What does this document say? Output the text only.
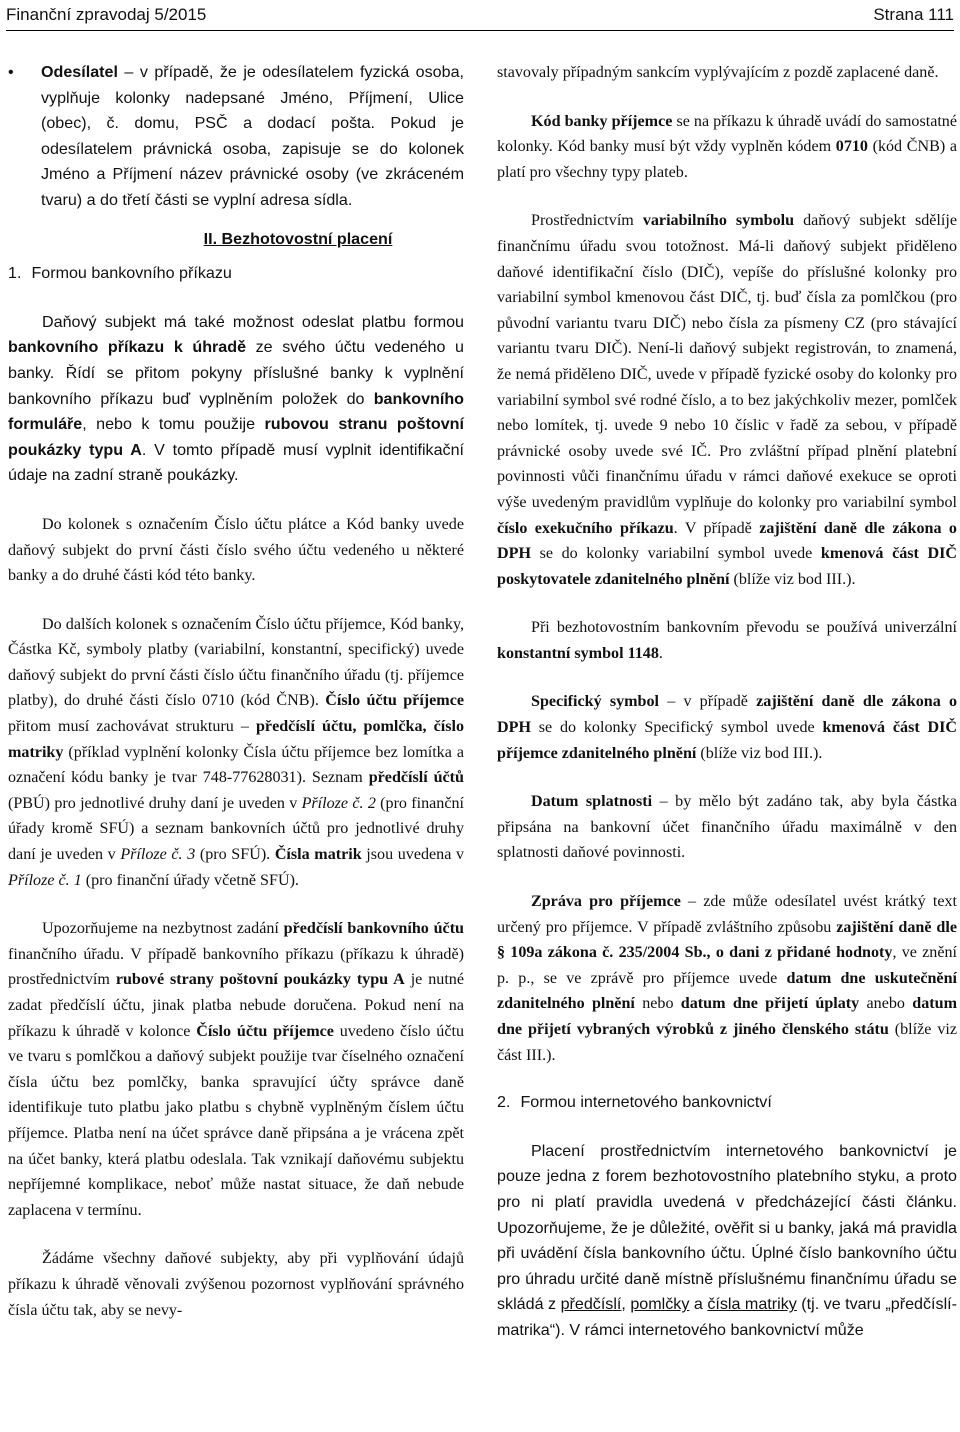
Finanční zpravodaj 5/2015	Strana 111
• Odesílatel – v případě, že je odesílatelem fyzická osoba, vyplňuje kolonky nadepsané Jméno, Příjmení, Ulice (obec), č. domu, PSČ a dodací pošta. Pokud je odesílatelem právnická osoba, zapisuje se do kolonek Jméno a Příjmení název právnické osoby (ve zkráceném tvaru) a do třetí části se vyplní adresa sídla.
II. Bezhotovostní placení
1. Formou bankovního příkazu

Daňový subjekt má také možnost odeslat platbu formou bankovního příkazu k úhradě ze svého účtu vedeného u banky. Řídí se přitom pokyny příslušné banky k vyplnění bankovního příkazu buď vyplněním položek do bankovního formuláře, nebo k tomu použije rubovou stranu poštovní poukázky typu A. V tomto případě musí vyplnit identifikační údaje na zadní straně poukázky.

Do kolonek s označením Číslo účtu plátce a Kód banky uvede daňový subjekt do první části číslo svého účtu vedeného u některé banky a do druhé části kód této banky.

Do dalších kolonek s označením Číslo účtu příjemce, Kód banky, Částka Kč, symboly platby (variabilní, konstantní, specifický) uvede daňový subjekt do první části číslo účtu finančního úřadu (tj. příjemce platby), do druhé části číslo 0710 (kód ČNB). Číslo účtu příjemce přitom musí zachovávat strukturu – předčíslí účtu, pomlčka, číslo matriky (příklad vyplnění kolonky Čísla účtu příjemce bez lomítka a označení kódu banky je tvar 748-77628031). Seznam předčíslí účtů (PBÚ) pro jednotlivé druhy daní je uveden v Příloze č. 2 (pro finanční úřady kromě SFÚ) a seznam bankovních účtů pro jednotlivé druhy daní je uveden v Příloze č. 3 (pro SFÚ). Čísla matrik jsou uvedena v Příloze č. 1 (pro finanční úřady včetně SFÚ).

Upozorňujeme na nezbytnost zadání předčíslí bankovního účtu finančního úřadu. V případě bankovního příkazu (příkazu k úhradě) prostřednictvím rubové strany poštovní poukázky typu A je nutné zadat předčíslí účtu, jinak platba nebude doručena. Pokud není na příkazu k úhradě v kolonce Číslo účtu příjemce uvedeno číslo účtu ve tvaru s pomlčkou a daňový subjekt použije tvar číselného označení čísla účtu bez pomlčky, banka spravující účty správce daně identifikuje tuto platbu jako platbu s chybně vyplněným číslem účtu příjemce. Platba není na účet správce daně připsána a je vrácena zpět na účet banky, která platbu odeslala. Tak vznikají daňovému subjektu nepříjemné komplikace, neboť může nastat situace, že daň nebude zaplacena v termínu.

Žádáme všechny daňové subjekty, aby při vyplňování údajů příkazu k úhradě věnovali zvýšenou pozornost vyplňování správného čísla účtu tak, aby se nevy-

stavovaly případným sankcím vyplývajícím z pozdě zaplacené daně.

Kód banky příjemce se na příkazu k úhradě uvádí do samostatné kolonky. Kód banky musí být vždy vyplněn kódem 0710 (kód ČNB) a platí pro všechny typy plateb.

Prostřednictvím variabilního symbolu daňový subjekt sdělíje finančnímu úřadu svou totožnost. Má-li daňový subjekt přiděleno daňové identifikační číslo (DIČ), vepíše do příslušné kolonky pro variabilní symbol kmenovou část DIČ, tj. buď čísla za pomlčkou (pro původní variantu tvaru DIČ) nebo čísla za písmeny CZ (pro stávající variantu tvaru DIČ). Není-li daňový subjekt registrován, to znamená, že nemá přiděleno DIČ, uvede v případě fyzické osoby do kolonky pro variabilní symbol své rodné číslo, a to bez jakýchkoliv mezer, pomlček nebo lomítek, tj. uvede 9 nebo 10 číslic v řadě za sebou, v případě právnické osoby uvede své IČ. Pro zvláštní případ plnění platební povinnosti vůči finančnímu úřadu v rámci daňové exekuce se oproti výše uvedeným pravidlům vyplňuje do kolonky pro variabilní symbol číslo exekučního příkazu. V případě zajištění daně dle zákona o DPH se do kolonky variabilní symbol uvede kmenová část DIČ poskytovatele zdanitelného plnění (blíže viz bod III.).

Při bezhotovostním bankovním převodu se používá univerzální konstantní symbol 1148.

Specifický symbol – v případě zajištění daně dle zákona o DPH se do kolonky Specifický symbol uvede kmenová část DIČ příjemce zdanitelného plnění (blíže viz bod III.).

Datum splatnosti – by mělo být zadáno tak, aby byla částka připsána na bankovní účet finančního úřadu maximálně v den splatnosti daňové povinnosti.

Zpráva pro příjemce – zde může odesílatel uvést krátký text určený pro příjemce. V případě zvláštního způsobu zajištění daně dle § 109a zákona č. 235/2004 Sb., o dani z přidané hodnoty, ve znění p. p., se ve zprávě pro příjemce uvede datum dne uskutečnění zdanitelného plnění nebo datum dne přijetí úplaty anebo datum dne přijetí vybraných výrobků z jiného členského státu (blíže viz část III.).

2. Formou internetového bankovnictví

Placení prostřednictvím internetového bankovnictví je pouze jedna z forem bezhotovostního platebního styku, a proto pro ni platí pravidla uvedená v předcházející části článku. Upozorňujeme, že je důležité, ověřit si u banky, jaká má pravidla při uvádění čísla bankovního účtu. Úplné číslo bankovního účtu pro úhradu určité daně místně příslušnému finančnímu úřadu se skládá z předčíslí, pomlčky a čísla matriky (tj. ve tvaru „předčíslí-matrika“). V rámci internetového bankovnictví může
